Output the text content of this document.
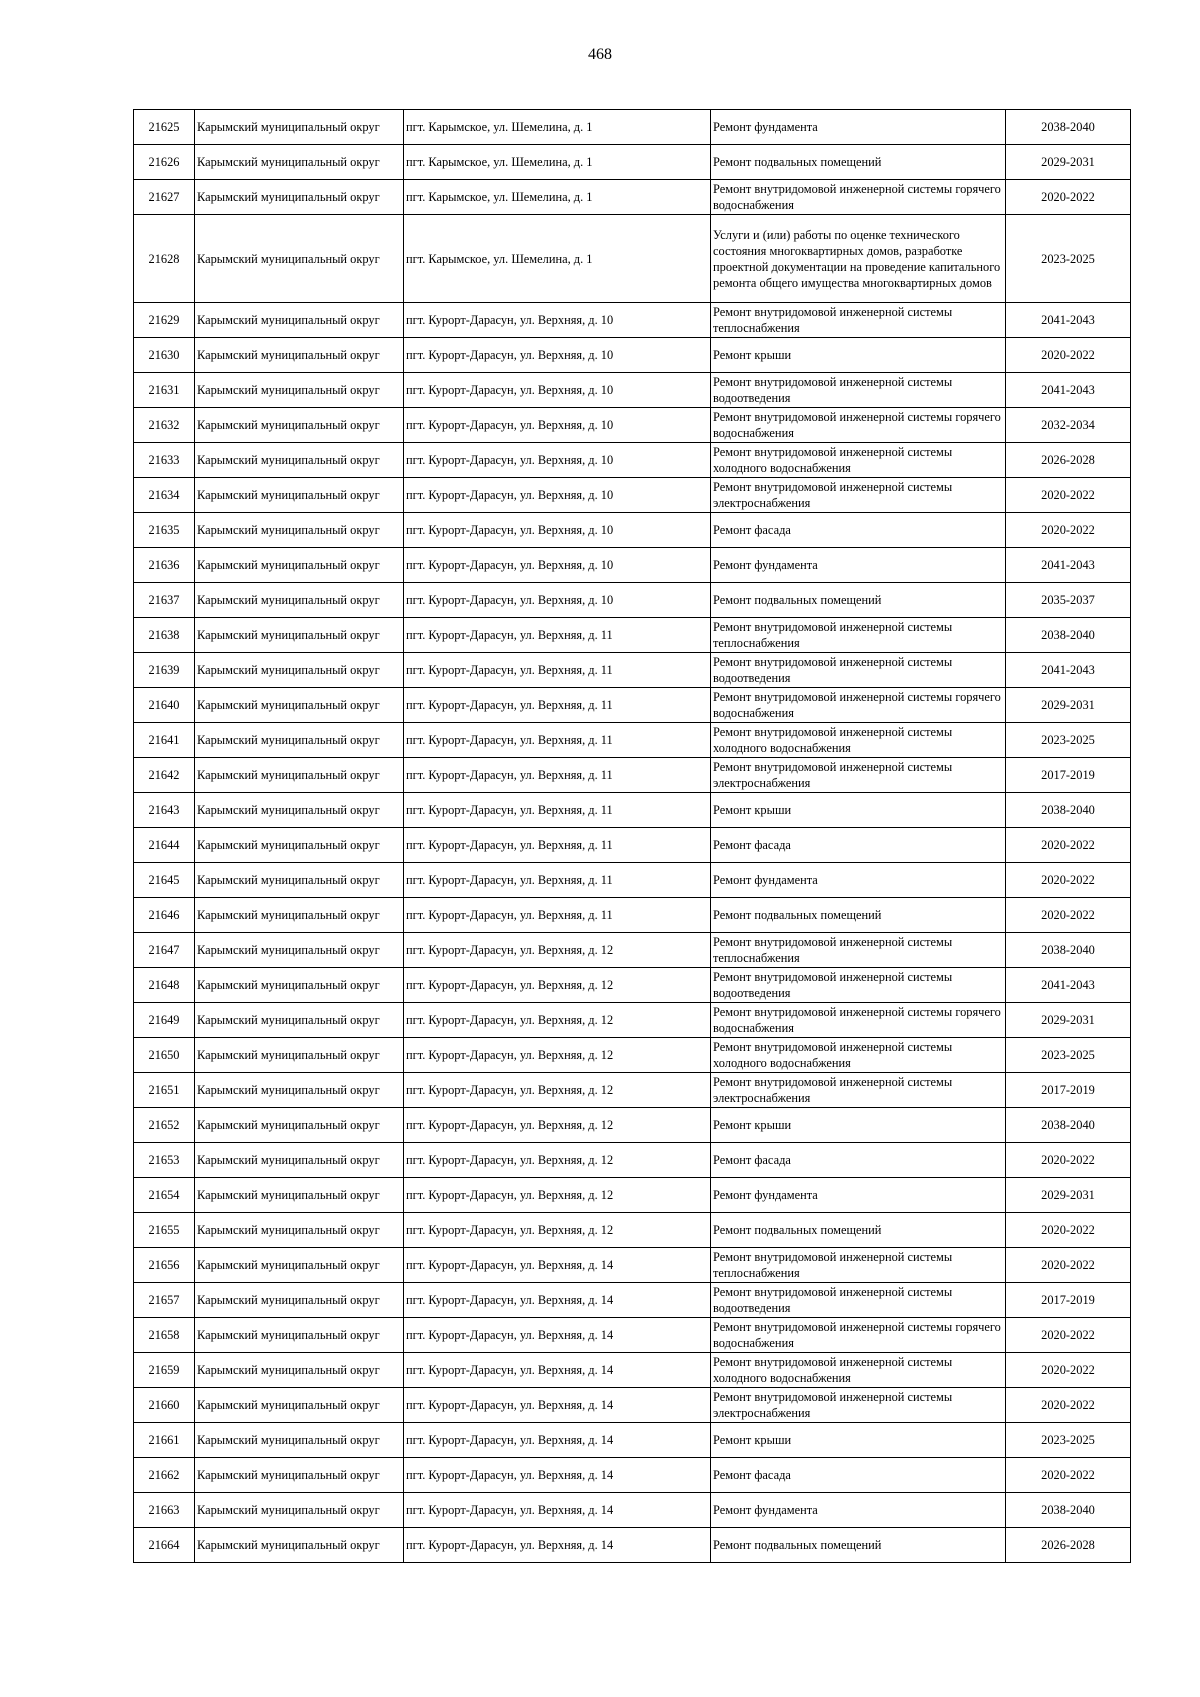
468
21625	Карымский муниципальный округ	пгт. Карымское, ул. Шемелина, д. 1	Ремонт фундамента	2038-2040
21626	Карымский муниципальный округ	пгт. Карымское, ул. Шемелина, д. 1	Ремонт подвальных помещений	2029-2031
21627	Карымский муниципальный округ	пгт. Карымское, ул. Шемелина, д. 1	Ремонт внутридомовой инженерной системы горячего водоснабжения	2020-2022
21628	Карымский муниципальный округ	пгт. Карымское, ул. Шемелина, д. 1	Услуги и (или) работы по оценке технического состояния многоквартирных домов, разработке проектной документации на проведение капитального ремонта общего имущества многоквартирных домов	2023-2025
21629	Карымский муниципальный округ	пгт. Курорт-Дарасун, ул. Верхняя, д. 10	Ремонт внутридомовой инженерной системы теплоснабжения	2041-2043
21630	Карымский муниципальный округ	пгт. Курорт-Дарасун, ул. Верхняя, д. 10	Ремонт крыши	2020-2022
21631	Карымский муниципальный округ	пгт. Курорт-Дарасун, ул. Верхняя, д. 10	Ремонт внутридомовой инженерной системы водоотведения	2041-2043
21632	Карымский муниципальный округ	пгт. Курорт-Дарасун, ул. Верхняя, д. 10	Ремонт внутридомовой инженерной системы горячего водоснабжения	2032-2034
21633	Карымский муниципальный округ	пгт. Курорт-Дарасун, ул. Верхняя, д. 10	Ремонт внутридомовой инженерной системы холодного водоснабжения	2026-2028
21634	Карымский муниципальный округ	пгт. Курорт-Дарасун, ул. Верхняя, д. 10	Ремонт внутридомовой инженерной системы электроснабжения	2020-2022
21635	Карымский муниципальный округ	пгт. Курорт-Дарасун, ул. Верхняя, д. 10	Ремонт фасада	2020-2022
21636	Карымский муниципальный округ	пгт. Курорт-Дарасун, ул. Верхняя, д. 10	Ремонт фундамента	2041-2043
21637	Карымский муниципальный округ	пгт. Курорт-Дарасун, ул. Верхняя, д. 10	Ремонт подвальных помещений	2035-2037
21638	Карымский муниципальный округ	пгт. Курорт-Дарасун, ул. Верхняя, д. 11	Ремонт внутридомовой инженерной системы теплоснабжения	2038-2040
21639	Карымский муниципальный округ	пгт. Курорт-Дарасун, ул. Верхняя, д. 11	Ремонт внутридомовой инженерной системы водоотведения	2041-2043
21640	Карымский муниципальный округ	пгт. Курорт-Дарасун, ул. Верхняя, д. 11	Ремонт внутридомовой инженерной системы горячего водоснабжения	2029-2031
21641	Карымский муниципальный округ	пгт. Курорт-Дарасун, ул. Верхняя, д. 11	Ремонт внутридомовой инженерной системы холодного водоснабжения	2023-2025
21642	Карымский муниципальный округ	пгт. Курорт-Дарасун, ул. Верхняя, д. 11	Ремонт внутридомовой инженерной системы электроснабжения	2017-2019
21643	Карымский муниципальный округ	пгт. Курорт-Дарасун, ул. Верхняя, д. 11	Ремонт крыши	2038-2040
21644	Карымский муниципальный округ	пгт. Курорт-Дарасун, ул. Верхняя, д. 11	Ремонт фасада	2020-2022
21645	Карымский муниципальный округ	пгт. Курорт-Дарасун, ул. Верхняя, д. 11	Ремонт фундамента	2020-2022
21646	Карымский муниципальный округ	пгт. Курорт-Дарасун, ул. Верхняя, д. 11	Ремонт подвальных помещений	2020-2022
21647	Карымский муниципальный округ	пгт. Курорт-Дарасун, ул. Верхняя, д. 12	Ремонт внутридомовой инженерной системы теплоснабжения	2038-2040
21648	Карымский муниципальный округ	пгт. Курорт-Дарасун, ул. Верхняя, д. 12	Ремонт внутридомовой инженерной системы водоотведения	2041-2043
21649	Карымский муниципальный округ	пгт. Курорт-Дарасун, ул. Верхняя, д. 12	Ремонт внутридомовой инженерной системы горячего водоснабжения	2029-2031
21650	Карымский муниципальный округ	пгт. Курорт-Дарасун, ул. Верхняя, д. 12	Ремонт внутридомовой инженерной системы холодного водоснабжения	2023-2025
21651	Карымский муниципальный округ	пгт. Курорт-Дарасун, ул. Верхняя, д. 12	Ремонт внутридомовой инженерной системы электроснабжения	2017-2019
21652	Карымский муниципальный округ	пгт. Курорт-Дарасун, ул. Верхняя, д. 12	Ремонт крыши	2038-2040
21653	Карымский муниципальный округ	пгт. Курорт-Дарасун, ул. Верхняя, д. 12	Ремонт фасада	2020-2022
21654	Карымский муниципальный округ	пгт. Курорт-Дарасун, ул. Верхняя, д. 12	Ремонт фундамента	2029-2031
21655	Карымский муниципальный округ	пгт. Курорт-Дарасун, ул. Верхняя, д. 12	Ремонт подвальных помещений	2020-2022
21656	Карымский муниципальный округ	пгт. Курорт-Дарасун, ул. Верхняя, д. 14	Ремонт внутридомовой инженерной системы теплоснабжения	2020-2022
21657	Карымский муниципальный округ	пгт. Курорт-Дарасун, ул. Верхняя, д. 14	Ремонт внутридомовой инженерной системы водоотведения	2017-2019
21658	Карымский муниципальный округ	пгт. Курорт-Дарасун, ул. Верхняя, д. 14	Ремонт внутридомовой инженерной системы горячего водоснабжения	2020-2022
21659	Карымский муниципальный округ	пгт. Курорт-Дарасун, ул. Верхняя, д. 14	Ремонт внутридомовой инженерной системы холодного водоснабжения	2020-2022
21660	Карымский муниципальный округ	пгт. Курорт-Дарасун, ул. Верхняя, д. 14	Ремонт внутридомовой инженерной системы электроснабжения	2020-2022
21661	Карымский муниципальный округ	пгт. Курорт-Дарасун, ул. Верхняя, д. 14	Ремонт крыши	2023-2025
21662	Карымский муниципальный округ	пгт. Курорт-Дарасун, ул. Верхняя, д. 14	Ремонт фасада	2020-2022
21663	Карымский муниципальный округ	пгт. Курорт-Дарасун, ул. Верхняя, д. 14	Ремонт фундамента	2038-2040
21664	Карымский муниципальный округ	пгт. Курорт-Дарасун, ул. Верхняя, д. 14	Ремонт подвальных помещений	2026-2028
